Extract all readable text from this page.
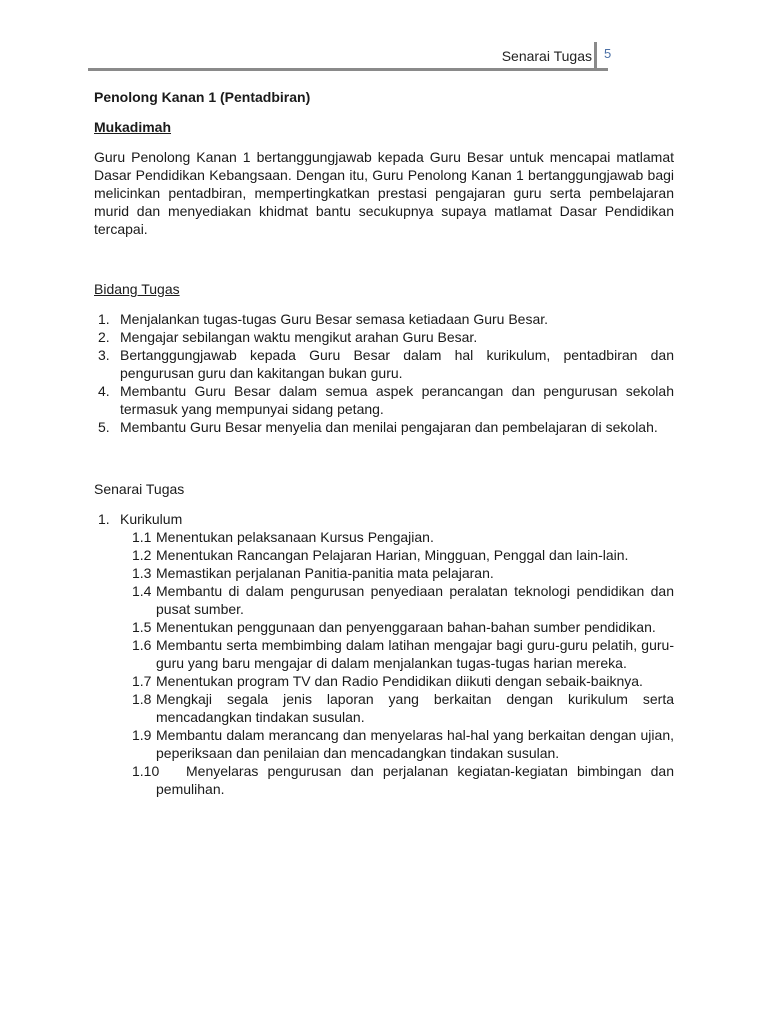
Senarai Tugas 5

Penolong Kanan 1 (Pentadbiran)

Mukadimah

Guru Penolong Kanan 1 bertanggungjawab kepada Guru Besar untuk mencapai matlamat Dasar Pendidikan Kebangsaan. Dengan itu, Guru Penolong Kanan 1 bertanggungjawab bagi melicinkan pentadbiran, mempertingkatkan prestasi pengajaran guru serta pembelajaran murid dan menyediakan khidmat bantu secukupnya supaya matlamat Dasar Pendidikan tercapai.

Bidang Tugas

1. Menjalankan tugas-tugas Guru Besar semasa ketiadaan Guru Besar.
2. Mengajar sebilangan waktu mengikut arahan Guru Besar.
3. Bertanggungjawab kepada Guru Besar dalam hal kurikulum, pentadbiran dan pengurusan guru dan kakitangan bukan guru.
4. Membantu Guru Besar dalam semua aspek perancangan dan pengurusan sekolah termasuk yang mempunyai sidang petang.
5. Membantu Guru Besar menyelia dan menilai pengajaran dan pembelajaran di sekolah.

Senarai Tugas

1. Kurikulum
1.1 Menentukan pelaksanaan Kursus Pengajian.
1.2 Menentukan Rancangan Pelajaran Harian, Mingguan, Penggal dan lain-lain.
1.3 Memastikan perjalanan Panitia-panitia mata pelajaran.
1.4 Membantu di dalam pengurusan penyediaan peralatan teknologi pendidikan dan pusat sumber.
1.5 Menentukan penggunaan dan penyenggaraan bahan-bahan sumber pendidikan.
1.6 Membantu serta membimbing dalam latihan mengajar bagi guru-guru pelatih, guru-guru yang baru mengajar di dalam menjalankan tugas-tugas harian mereka.
1.7 Menentukan program TV dan Radio Pendidikan diikuti dengan sebaik-baiknya.
1.8 Mengkaji segala jenis laporan yang berkaitan dengan kurikulum serta mencadangkan tindakan susulan.
1.9 Membantu dalam merancang dan menyelaras hal-hal yang berkaitan dengan ujian, peperiksaan dan penilaian dan mencadangkan tindakan susulan.
1.10	Menyelaras pengurusan dan perjalanan kegiatan-kegiatan bimbingan dan pemulihan.
